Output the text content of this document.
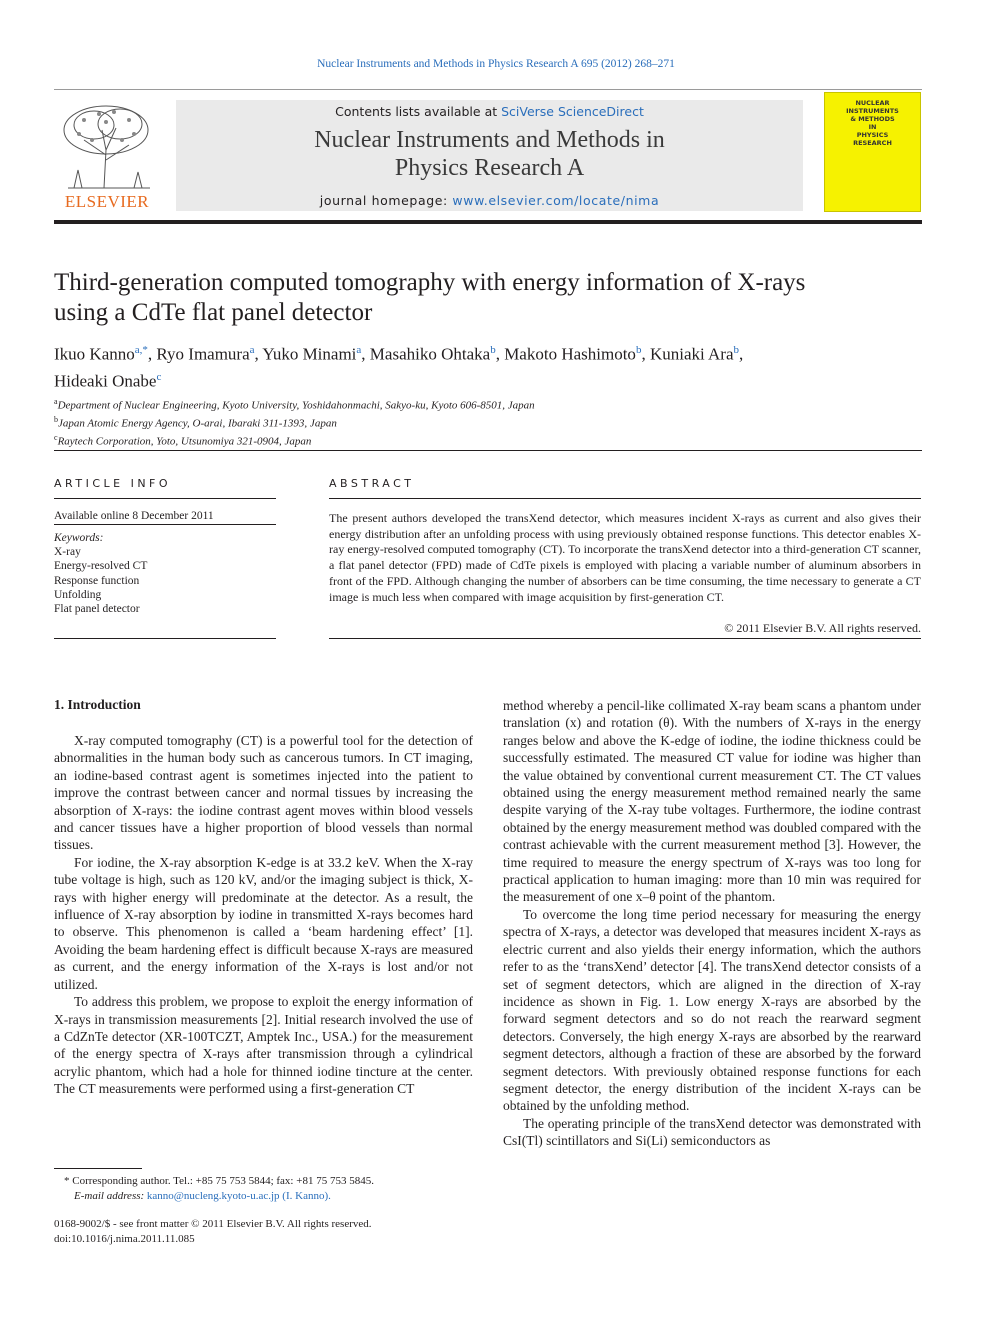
Nuclear Instruments and Methods in Physics Research A 695 (2012) 268–271
ELSEVIER
Contents lists available at SciVerse ScienceDirect
Nuclear Instruments and Methods in
Physics Research A
journal homepage: www.elsevier.com/locate/nima
NUCLEAR
INSTRUMENTS
& METHODS
IN
PHYSICS
RESEARCH
Third-generation computed tomography with energy information of X-rays
using a CdTe flat panel detector
Ikuo Kanno$^{a,*}$, Ryo Imamura$^a$, Yuko Minami$^a$, Masahiko Ohtaka$^b$, Makoto Hashimoto$^b$, Kuniaki Ara$^b$,
Hideaki Onabe$^c$
$^a$Department of Nuclear Engineering, Kyoto University, Yoshidahonmachi, Sakyo-ku, Kyoto 606-8501, Japan
$^b$Japan Atomic Energy Agency, O-arai, Ibaraki 311-1393, Japan
$^c$Raytech Corporation, Yoto, Utsunomiya 321-0904, Japan
ARTICLE INFO
Available online 8 December 2011
Keywords:
X-ray
Energy-resolved CT
Response function
Unfolding
Flat panel detector
ABSTRACT
The present authors developed the transXend detector, which measures incident X-rays as current and also gives their energy distribution after an unfolding process with using previously obtained response functions. This detector enables X-ray energy-resolved computed tomography (CT). To incorporate the transXend detector into a third-generation CT scanner, a flat panel detector (FPD) made of CdTe pixels is employed with placing a variable number of aluminum absorbers in front of the FPD. Although changing the number of absorbers can be time consuming, the time necessary to generate a CT image is much less when compared with image acquisition by first-generation CT.
© 2011 Elsevier B.V. All rights reserved.
1. Introduction

X-ray computed tomography (CT) is a powerful tool for the detection of abnormalities in the human body such as cancerous tumors. In CT imaging, an iodine-based contrast agent is sometimes injected into the patient to improve the contrast between cancer and normal tissues by increasing the absorption of X-rays: the iodine contrast agent moves within blood vessels and cancer tissues have a higher proportion of blood vessels than normal tissues.

For iodine, the X-ray absorption K-edge is at 33.2 keV. When the X-ray tube voltage is high, such as 120 kV, and/or the imaging subject is thick, X-rays with higher energy will predominate at the detector. As a result, the influence of X-ray absorption by iodine in transmitted X-rays becomes hard to observe. This phenomenon is called a ‘beam hardening effect’ [1]. Avoiding the beam hardening effect is difficult because X-rays are measured as current, and the energy information of the X-rays is lost and/or not utilized.

To address this problem, we propose to exploit the energy information of X-rays in transmission measurements [2]. Initial research involved the use of a CdZnTe detector (XR-100TCZT, Amptek Inc., USA.) for the measurement of the energy spectra of X-rays after transmission through a cylindrical acrylic phantom, which had a hole for thinned iodine tincture at the center. The CT measurements were performed using a first-generation CT

method whereby a pencil-like collimated X-ray beam scans a phantom under translation (x) and rotation (θ). With the numbers of X-rays in the energy ranges below and above the K-edge of iodine, the iodine thickness could be successfully estimated. The measured CT value for iodine was higher than the value obtained by conventional current measurement CT. The CT values obtained using the energy measurement method remained nearly the same despite varying of the X-ray tube voltages. Furthermore, the iodine contrast obtained by the energy measurement method was doubled compared with the contrast achievable with the current measurement method [3]. However, the time required to measure the energy spectrum of X-rays was too long for practical application to human imaging: more than 10 min was required for the measurement of one x–θ point of the phantom.

To overcome the long time period necessary for measuring the energy spectra of X-rays, a detector was developed that measures incident X-rays as electric current and also yields their energy information, which the authors refer to as the ‘transXend’ detector [4]. The transXend detector consists of a set of segment detectors, which are aligned in the direction of X-ray incidence as shown in Fig. 1. Low energy X-rays are absorbed by the forward segment detectors and so do not reach the rearward segment detectors. Conversely, the high energy X-rays are absorbed by the rearward segment detectors, although a fraction of these are absorbed by the forward segment detectors. With previously obtained response functions for each segment detector, the energy distribution of the incident X-rays can be obtained by the unfolding method.

The operating principle of the transXend detector was demonstrated with CsI(Tl) scintillators and Si(Li) semiconductors as

* Corresponding author. Tel.: +85 75 753 5844; fax: +81 75 753 5845.
E-mail address: kanno@nucleng.kyoto-u.ac.jp (I. Kanno).
0168-9002/$ - see front matter © 2011 Elsevier B.V. All rights reserved.
doi:10.1016/j.nima.2011.11.085
